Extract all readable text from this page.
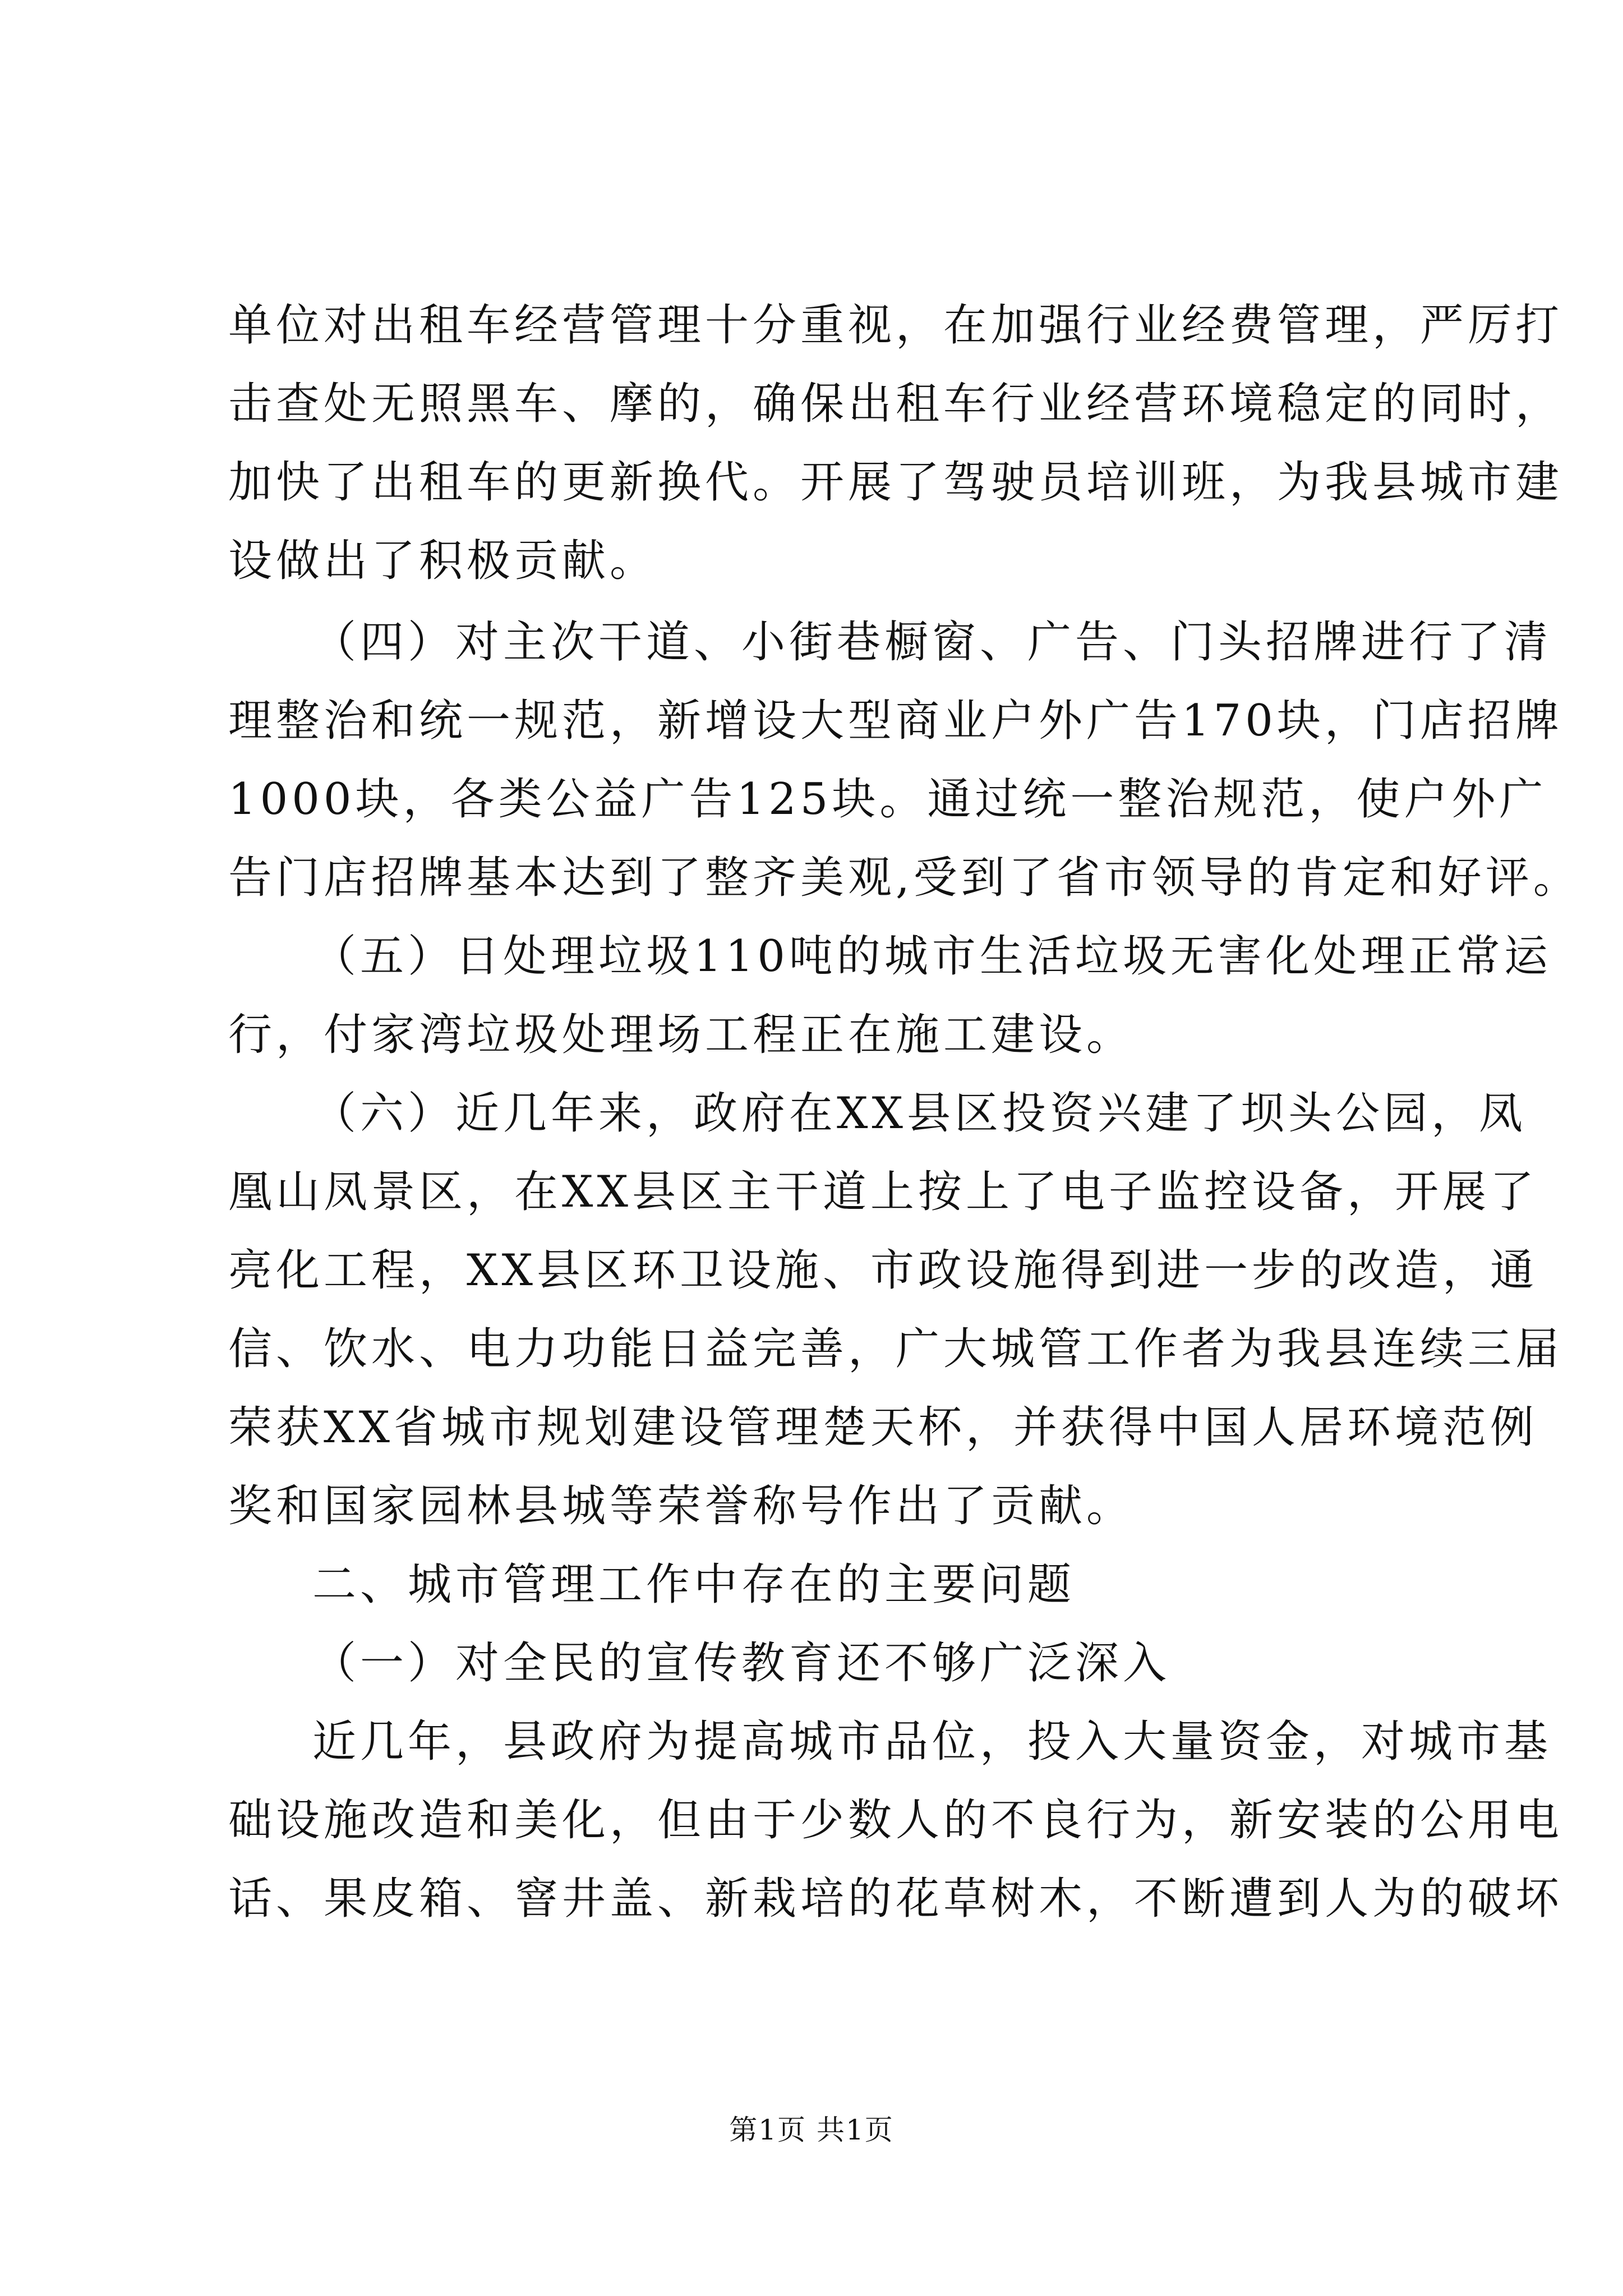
单位对出租车经营管理十分重视，在加强行业经费管理，严厉打
击查处无照黑车、摩的，确保出租车行业经营环境稳定的同时，
加快了出租车的更新换代。开展了驾驶员培训班，为我县城市建
设做出了积极贡献。
（四）对主次干道、小街巷橱窗、广告、门头招牌进行了清
理整治和统一规范，新增设大型商业户外广告170块，门店招牌
1000块，各类公益广告125块。通过统一整治规范，使户外广
告门店招牌基本达到了整齐美观,受到了省市领导的肯定和好评。
（五）日处理垃圾110吨的城市生活垃圾无害化处理正常运
行，付家湾垃圾处理场工程正在施工建设。
（六）近几年来，政府在XX县区投资兴建了坝头公园，凤
凰山凤景区，在XX县区主干道上按上了电子监控设备，开展了
亮化工程，XX县区环卫设施、市政设施得到进一步的改造，通
信、饮水、电力功能日益完善，广大城管工作者为我县连续三届
荣获XX省城市规划建设管理楚天杯，并获得中国人居环境范例
奖和国家园林县城等荣誉称号作出了贡献。
二、城市管理工作中存在的主要问题
（一）对全民的宣传教育还不够广泛深入
近几年，县政府为提高城市品位，投入大量资金，对城市基
础设施改造和美化，但由于少数人的不良行为，新安装的公用电
话、果皮箱、窨井盖、新栽培的花草树木，不断遭到人为的破坏
第1页 共1页
